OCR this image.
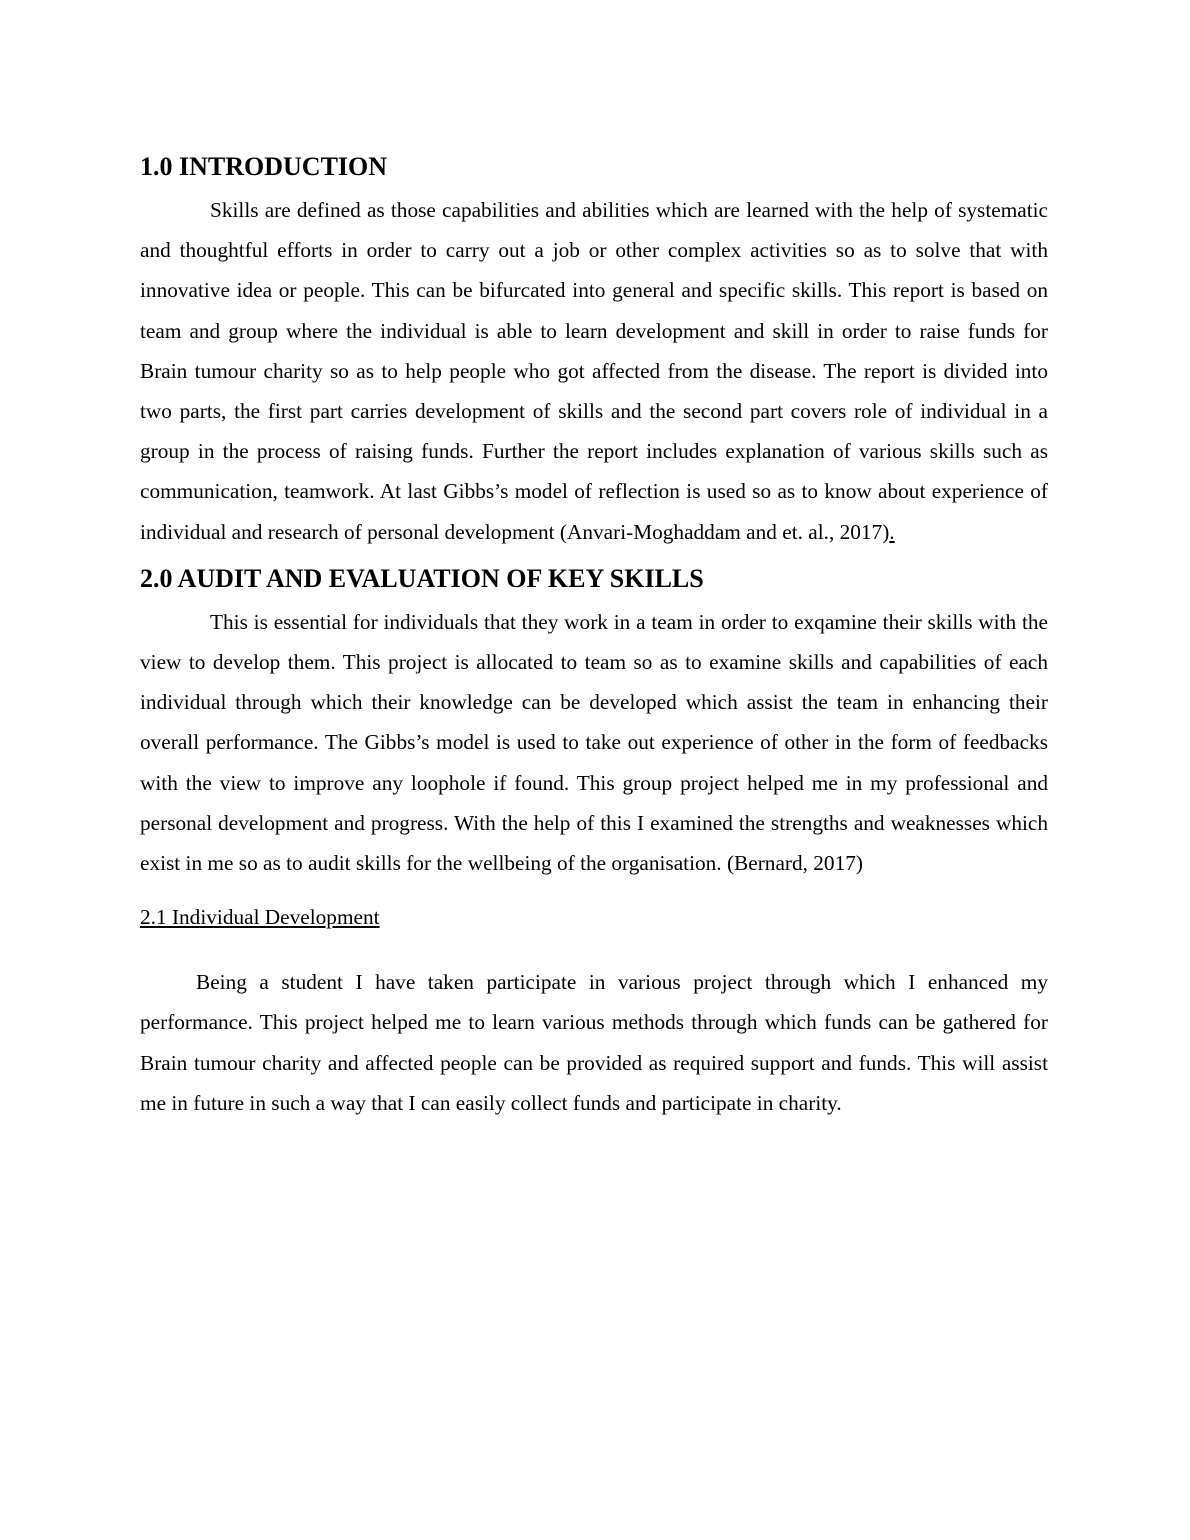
1.0 INTRODUCTION

Skills are defined as those capabilities and abilities which are learned with the help of systematic and thoughtful efforts in order to carry out a job or other complex activities so as to solve that with innovative idea or people. This can be bifurcated into general and specific skills. This report is based on team and group where the individual is able to learn development and skill in order to raise funds for Brain tumour charity so as to help people who got affected from the disease. The report is divided into two parts, the first part carries development of skills and the second part covers role of individual in a group in the process of raising funds. Further the report includes explanation of various skills such as communication, teamwork. At last Gibbs’s model of reflection is used so as to know about experience of individual and research of personal development (Anvari-Moghaddam and et. al., 2017).

2.0 AUDIT AND EVALUATION OF KEY SKILLS

This is essential for individuals that they work in a team in order to exqamine their skills with the view to develop them. This project is allocated to team so as to examine skills and capabilities of each individual through which their knowledge can be developed which assist the team in enhancing their overall performance. The Gibbs’s model is used to take out experience of other in the form of feedbacks with the view to improve any loophole if found. This group project helped me in my professional and personal development and progress. With the help of this I examined the strengths and weaknesses which exist in me so as to audit skills for the wellbeing of the organisation. (Bernard, 2017)

2.1 Individual Development

Being a student I have taken participate in various project through which I enhanced my performance. This project helped me to learn various methods through which funds can be gathered for Brain tumour charity and affected people can be provided as required support and funds. This will assist me in future in such a way that I can easily collect funds and participate in charity.
